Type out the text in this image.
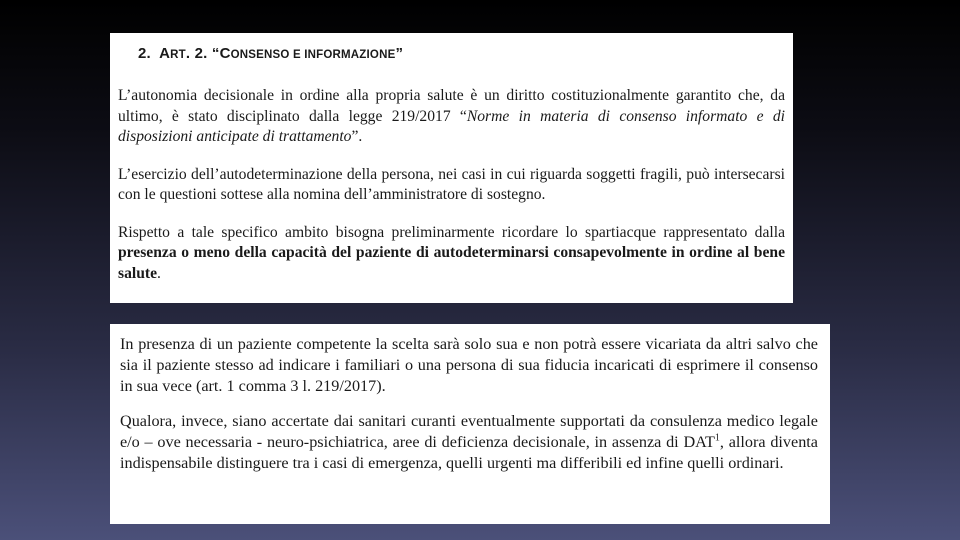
2. ART. 2. “CONSENSO E INFORMAZIONE”

L’autonomia decisionale in ordine alla propria salute è un diritto costituzionalmente garantito che, da ultimo, è stato disciplinato dalla legge 219/2017 “Norme in materia di consenso informato e di disposizioni anticipate di trattamento”.

L’esercizio dell’autodeterminazione della persona, nei casi in cui riguarda soggetti fragili, può intersecarsi con le questioni sottese alla nomina dell’amministratore di sostegno.

Rispetto a tale specifico ambito bisogna preliminarmente ricordare lo spartiacque rappresentato dalla presenza o meno della capacità del paziente di autodeterminarsi consapevolmente in ordine al bene salute.

In presenza di un paziente competente la scelta sarà solo sua e non potrà essere vicariata da altri salvo che sia il paziente stesso ad indicare i familiari o una persona di sua fiducia incaricati di esprimere il consenso in sua vece (art. 1 comma 3 l. 219/2017).

Qualora, invece, siano accertate dai sanitari curanti eventualmente supportati da consulenza medico legale e/o – ove necessaria - neuro-psichiatrica, aree di deficienza decisionale, in assenza di DAT$^1$, allora diventa indispensabile distinguere tra i casi di emergenza, quelli urgenti ma differibili ed infine quelli ordinari.
